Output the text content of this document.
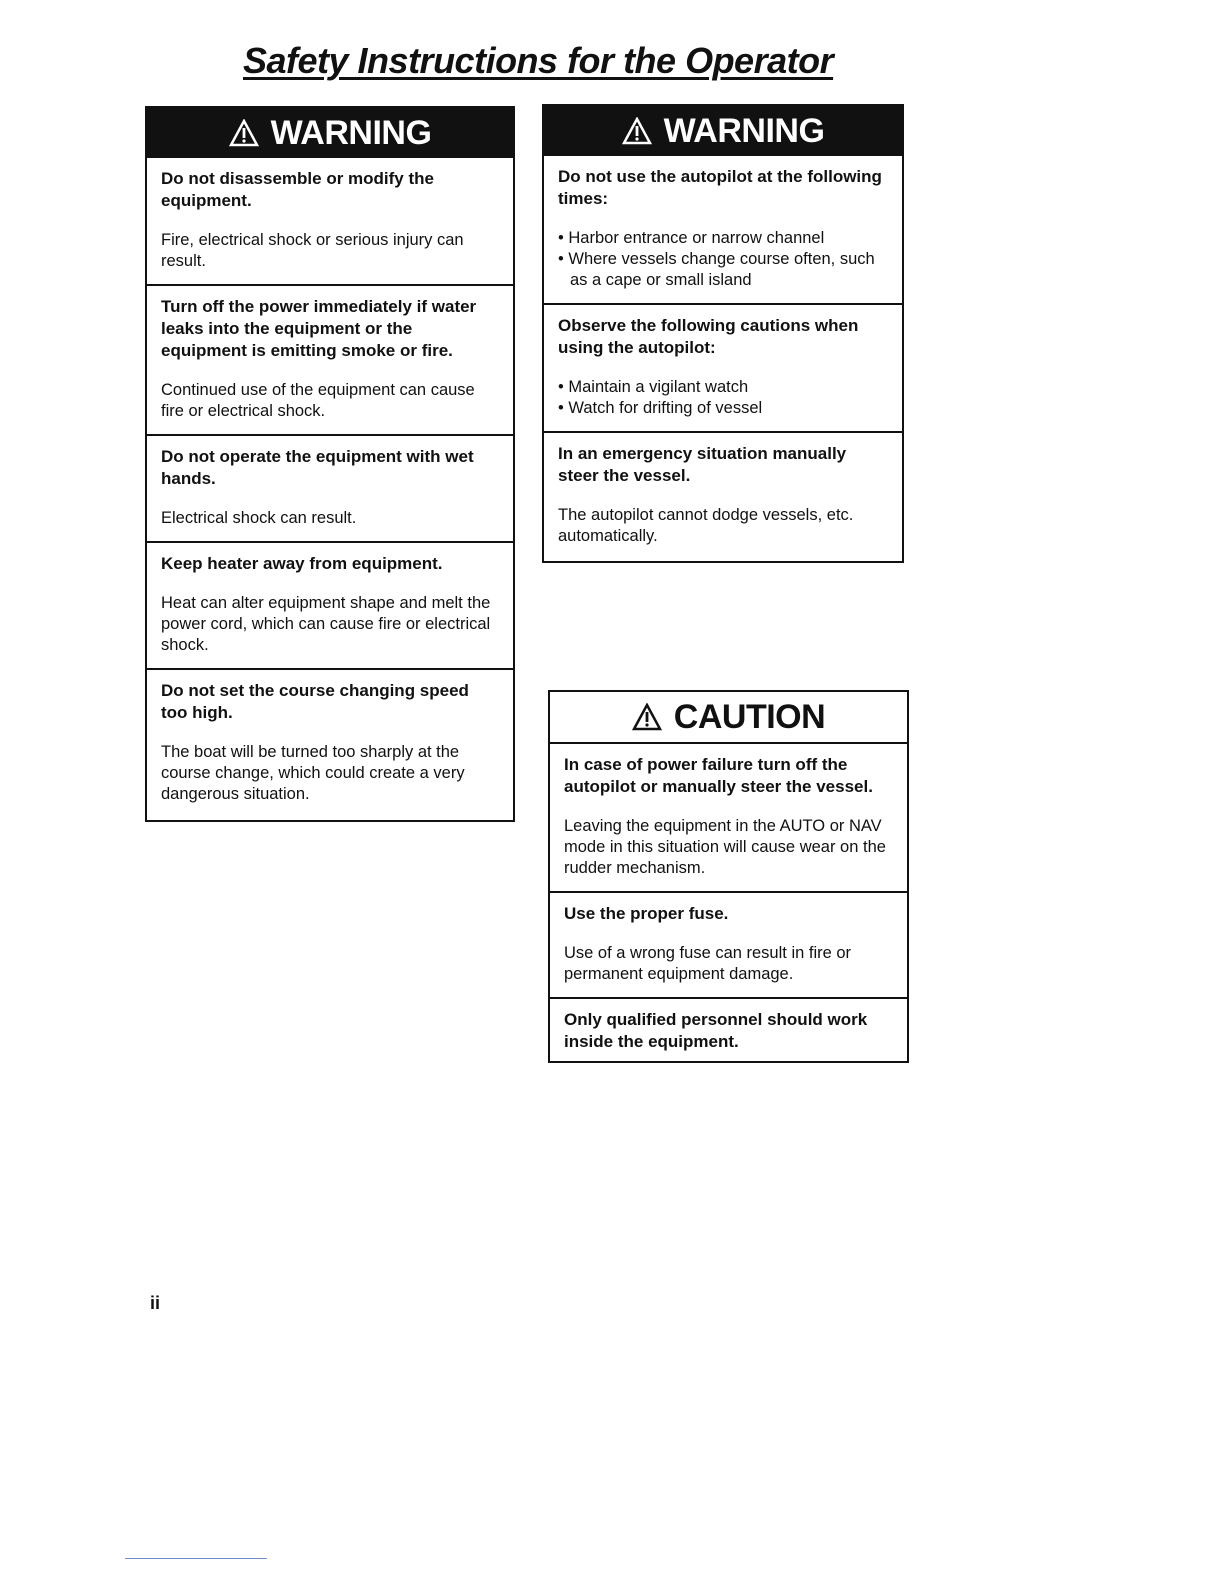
Safety Instructions for the Operator
WARNING
Do not disassemble or modify the equipment.
Fire, electrical shock or serious injury can result.
Turn off the power immediately if water leaks into the equipment or the equipment is emitting smoke or fire.
Continued use of the equipment can cause fire or electrical shock.
Do not operate the equipment with wet hands.
Electrical shock can result.
Keep heater away from equipment.
Heat can alter equipment shape and melt the power cord, which can cause fire or electrical shock.
Do not set the course changing speed too high.
The boat will be turned too sharply at the course change, which could create a very dangerous situation.
WARNING
Do not use the autopilot at the following times:
• Harbor entrance or narrow channel
• Where vessels change course often, such as a cape or small island
Observe the following cautions when using the autopilot:
• Maintain a vigilant watch
• Watch for drifting of vessel
In an emergency situation manually steer the vessel.
The autopilot cannot dodge vessels, etc. automatically.
CAUTION
In case of power failure turn off the autopilot or manually steer the vessel.
Leaving the equipment in the AUTO or NAV mode in this situation will cause wear on the rudder mechanism.
Use the proper fuse.
Use of a wrong fuse can result in fire or permanent equipment damage.
Only qualified personnel should work inside the equipment.
ii
